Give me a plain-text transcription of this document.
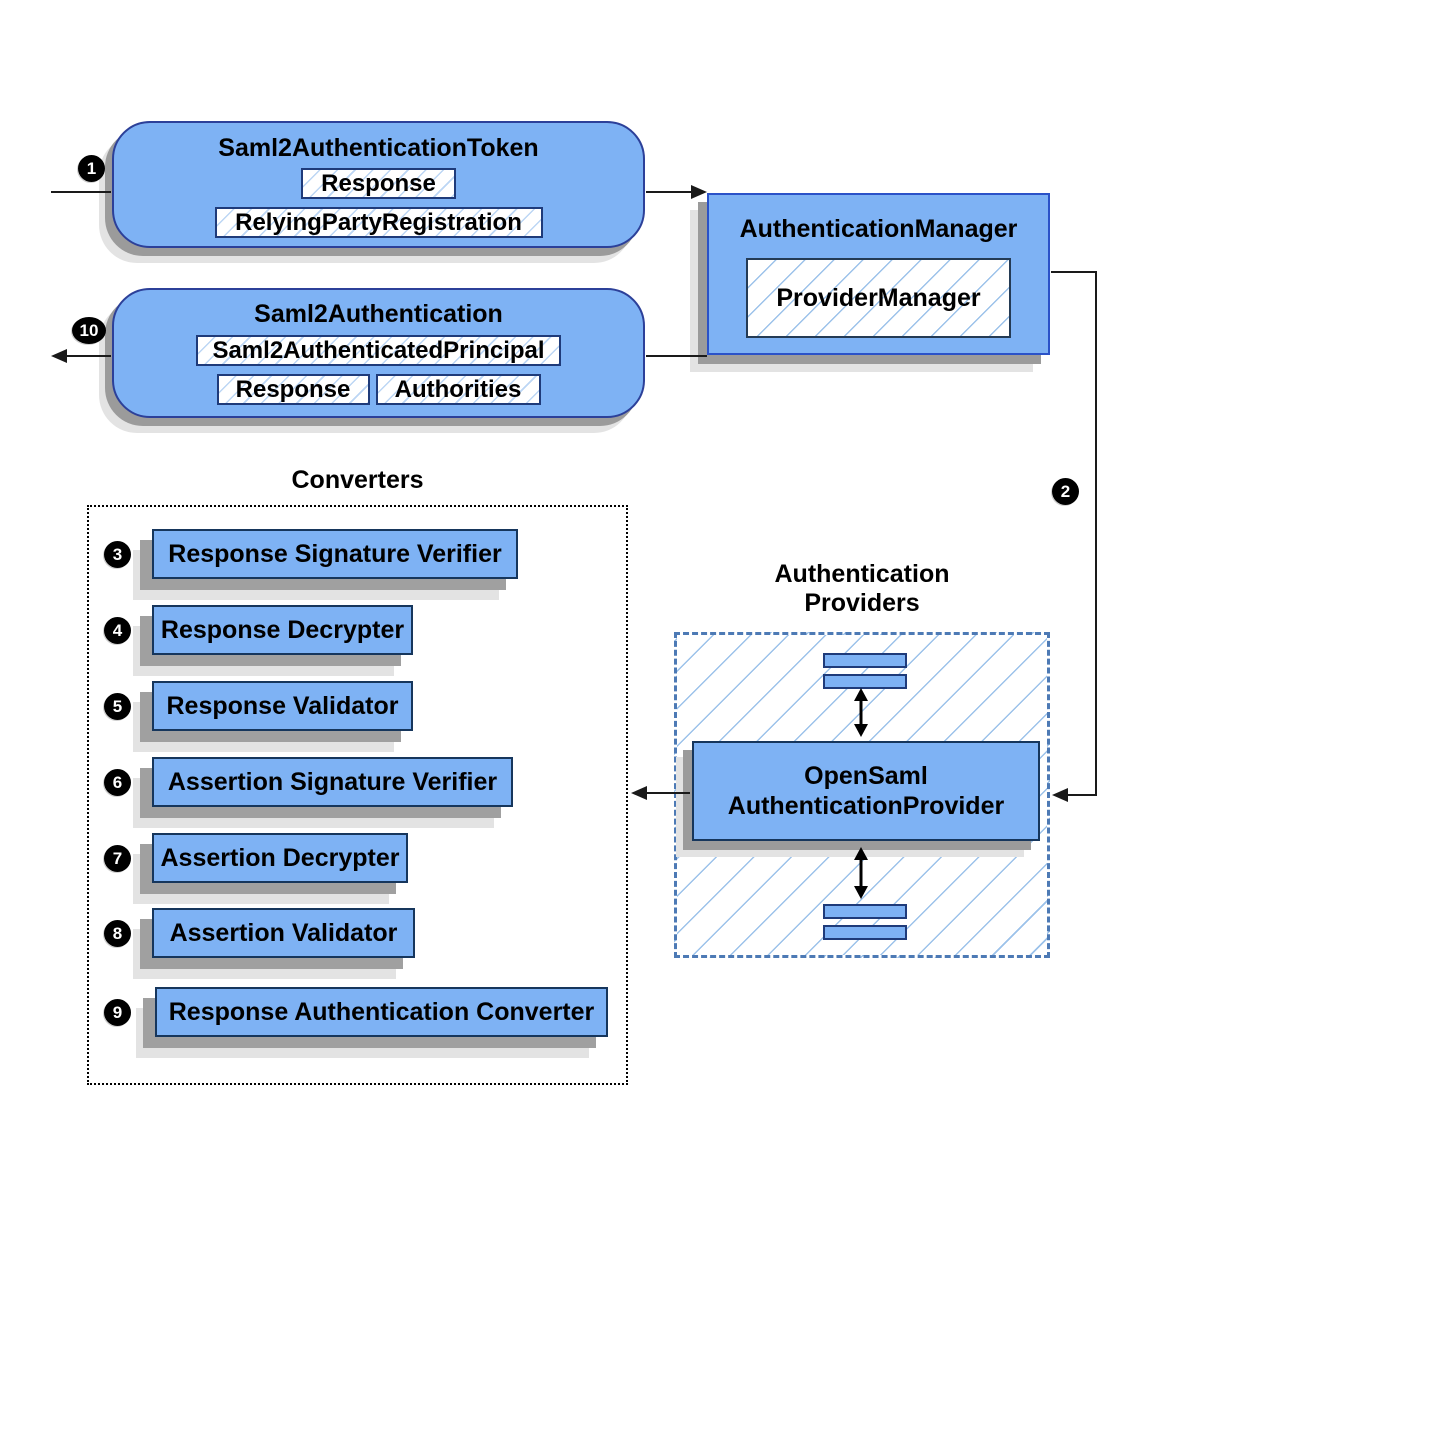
Saml2AuthenticationToken
Response
RelyingPartyRegistration	AuthenticationManager
ProviderManager
Saml2Authentication
Saml2AuthenticatedPrincipal
Response	Authorities
Converters
Response Signature Verifier
3
Response Decrypter
4
Response Validator
5
Assertion Signature Verifier
6
Assertion Decrypter
7
Assertion Validator
8
Response Authentication Converter
9
Authentication
Providers
OpenSaml
AuthenticationProvider
1
10
2
